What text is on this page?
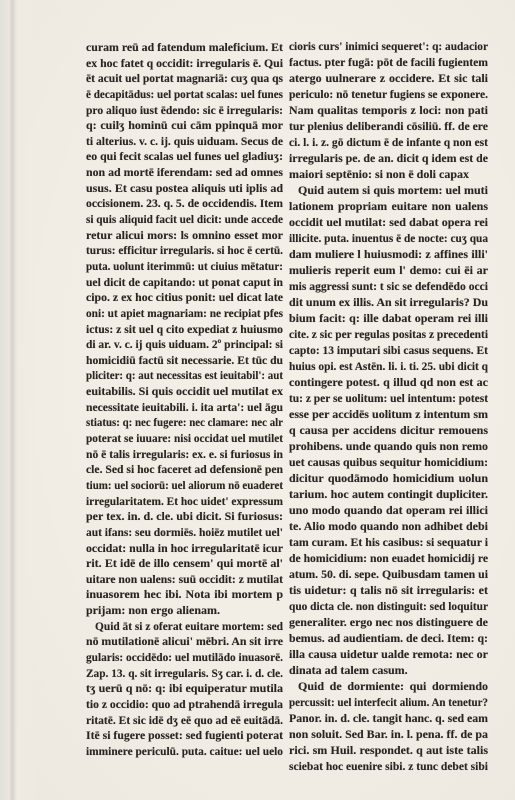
curam reū ad fatendum maleficium. Et
ex hoc fatet q occidit: irregularis ē. Qui
ēt acuit uel portat magnariā: cuʒ qua qs
ē decapitādus: uel portat scalas: uel funes
pro aliquo iust ēdendo: sic ē irregularis:
q: cuilʒ hominū cui cām ppinquā mor
ti alterius. v. c. ij. quis uiduam. Secus de
eo qui fecit scalas uel funes uel gladiuʒ:
non ad mortē iferendam: sed ad omnes
usus. Et casu postea aliquis uti iplis ad
occisionem. 23. q. 5. de occidendis. Item
si quis aliquid facit uel dicit: unde accede
retur alicui mors: ls omnino esset mor
turus: efficitur irregularis. si hoc ē certū.
puta. uolunt iterimmū: ut ciuius mētatur:
uel dicit de capitando: ut ponat caput in
cipo. z ex hoc citius ponit: uel dicat late
oni: ut apiet magnariam: ne recipiat pfes
ictus: z sit uel q cito expediat z huiusmo
di ar. v. c. ij quis uiduam. 2º principal: si
homicidiū factū sit necessarie. Et tūc du
pliciter: q: aut necessitas est ieuitabil': aut
euitabilis. Si quis occidit uel mutilat ex
necessitate ieuitabili. i. ita arta': uel āgu
stiatus: q: nec fugere: nec clamare: nec alr
poterat se iuuare: nisi occidat uel mutilet
nō ē talis irregularis: ex. e. si furiosus in
cle. Sed si hoc faceret ad defensionē pen
tium: uel sociorū: uel aliorum nō euaderet
irregularitatem. Et hoc uidet' expressum
per tex. in. d. cle. ubi dicit. Si furiosus:
aut ifans: seu dormiēs. hoiēz mutilet uel'
occidat: nulla in hoc irregularitatē icur
rit. Et idē de illo censem' qui mortē al'
uitare non ualens: suū occidit: z mutilat
inuasorem hec ibi. Nota ibi mortem p
prijam: non ergo alienam.
Quid āt si z oferat euitare mortem: sed
nō mutilationē alicui' mēbri. An sit irre
gularis: occidēdo: uel mutilādo inuasorē.
Zap. 13. q. sit irregularis. Sʒ car. i. d. cle.
tʒ uerū q nō: q: ibi equiperatur mutila
tio z occidio: quo ad ptrahendā irregula
ritatē. Et sic idē dʒ eē quo ad eē euitādā.
Itē si fugere posset: sed fugienti poterat
imminere periculū. puta. caitue: uel uelo
cioris curs' inimici sequeret': q: audacior
factus. pter fugā: pōt de facili fugientem
atergo uulnerare z occidere. Et sic tali
periculo: nō tenetur fugiens se exponere.
Nam qualitas temporis z loci: non pati
tur plenius deliberandi cōsiliū. ff. de ere
ci. l. i. z. gō dictum ē de infante q non est
irregularis pe. de an. dicit q idem est de
maiori septēnio: si non ē doli capax
Quid autem si quis mortem: uel muti
lationem propriam euitare non ualens
occidit uel mutilat: sed dabat opera rei
illicite. puta. inuentus ē de nocte: cuʒ qua
dam muliere l huiusmodi: z affines illi'
mulieris reperit eum l' demo: cui ēi ar
mis aggressi sunt: t sic se defendēdo occi
dit unum ex illis. An sit irregularis? Du
bium facit: q: ille dabat operam rei illi
cite. z sic per regulas positas z precedenti
capto: 13 imputari sibi casus sequens. Et
huius opi. est Astēn. li. i. ti. 25. ubi dicit q
contingere potest. q illud qd non est ac
tu: z per se uolitum: uel intentum: potest
esse per accidēs uolitum z intentum sm
q causa per accidens dicitur remouens
prohibens. unde quando quis non remo
uet causas quibus sequitur homicidium:
dicitur quodāmodo homicidium uolun
tarium. hoc autem contingit dupliciter.
uno modo quando dat operam rei illici
te. Alio modo quando non adhibet debi
tam curam. Et his casibus: si sequatur i
de homicidium: non euadet homicidij re
atum. 50. di. sepe. Quibusdam tamen ui
tis uidetur: q talis nō sit irregularis: et
quo dicta cle. non distinguit: sed loquitur
generaliter. ergo nec nos distinguere de
bemus. ad audientiam. de deci. Item: q:
illa causa uidetur ualde remota: nec or
dinata ad talem casum.
Quid de dormiente: qui dormiendo
percussit: uel interfecit alium. An tenetur?
Panor. in. d. cle. tangit hanc. q. sed eam
non soluit. Sed Bar. in. l. pena. ff. de pa
rici. sm Huil. respondet. q aut iste talis
sciebat hoc euenire sibi. z tunc debet sibi
